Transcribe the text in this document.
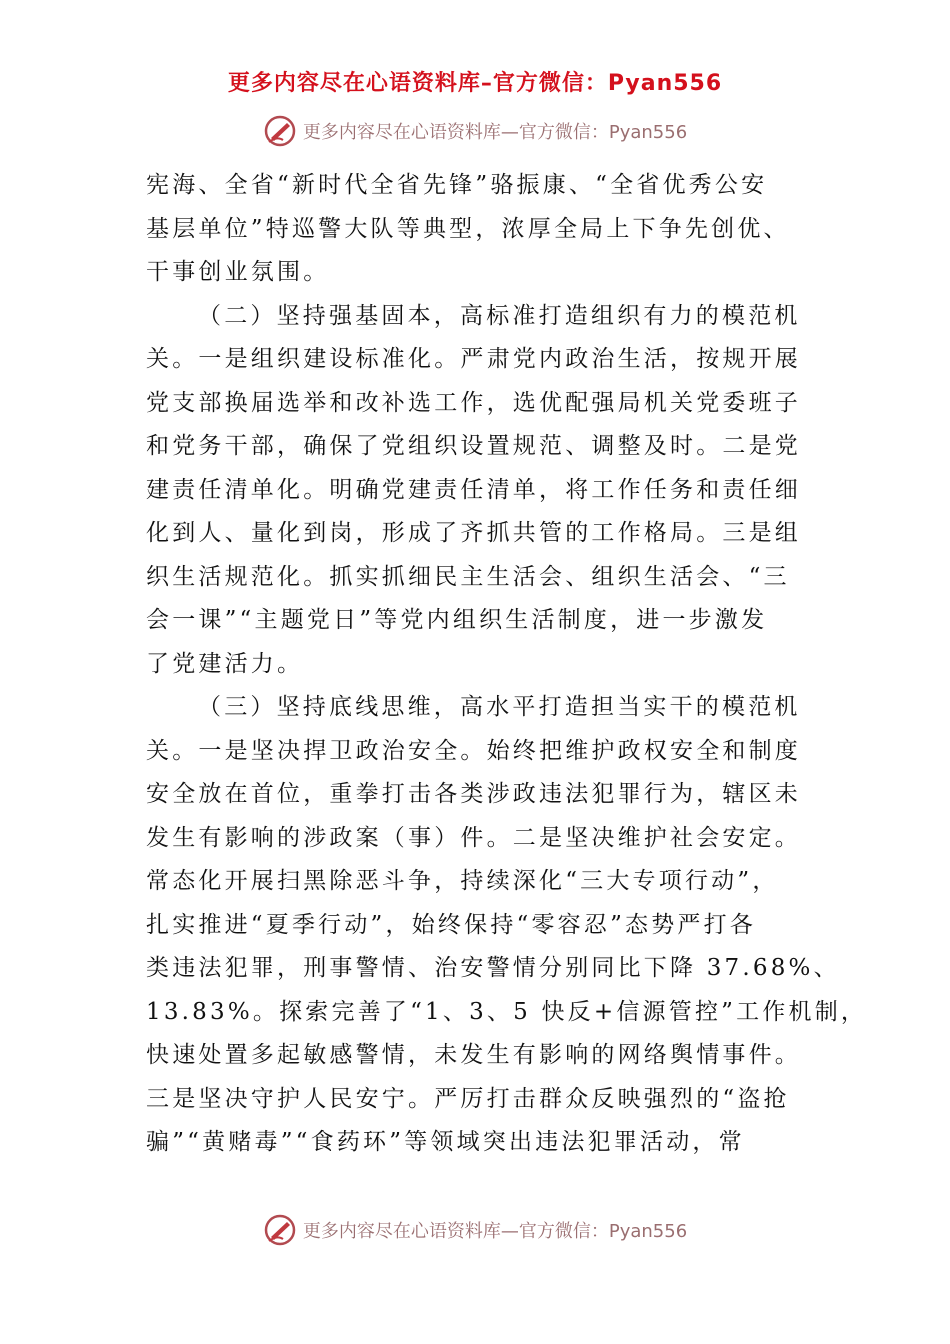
更多内容尽在心语资料库–官方微信：Pyan556
更多内容尽在心语资料库—官方微信：Pyan556
宪海、全省“新时代全省先锋”骆振康、“全省优秀公安
基层单位”特巡警大队等典型，浓厚全局上下争先创优、
干事创业氛围。
（二）坚持强基固本，高标准打造组织有力的模范机
关。一是组织建设标准化。严肃党内政治生活，按规开展
党支部换届选举和改补选工作，选优配强局机关党委班子
和党务干部，确保了党组织设置规范、调整及时。二是党
建责任清单化。明确党建责任清单，将工作任务和责任细
化到人、量化到岗，形成了齐抓共管的工作格局。三是组
织生活规范化。抓实抓细民主生活会、组织生活会、“三
会一课”“主题党日”等党内组织生活制度，进一步激发
了党建活力。
（三）坚持底线思维，高水平打造担当实干的模范机
关。一是坚决捍卫政治安全。始终把维护政权安全和制度
安全放在首位，重拳打击各类涉政违法犯罪行为，辖区未
发生有影响的涉政案（事）件。二是坚决维护社会安定。
常态化开展扫黑除恶斗争，持续深化“三大专项行动”，
扎实推进“夏季行动”，始终保持“零容忍”态势严打各
类违法犯罪，刑事警情、治安警情分别同比下降 37.68%、
13.83%。探索完善了“1、3、5 快反+信源管控”工作机制，
快速处置多起敏感警情，未发生有影响的网络舆情事件。
三是坚决守护人民安宁。严厉打击群众反映强烈的“盗抢
骗”“黄赌毒”“食药环”等领域突出违法犯罪活动，常
更多内容尽在心语资料库—官方微信：Pyan556
